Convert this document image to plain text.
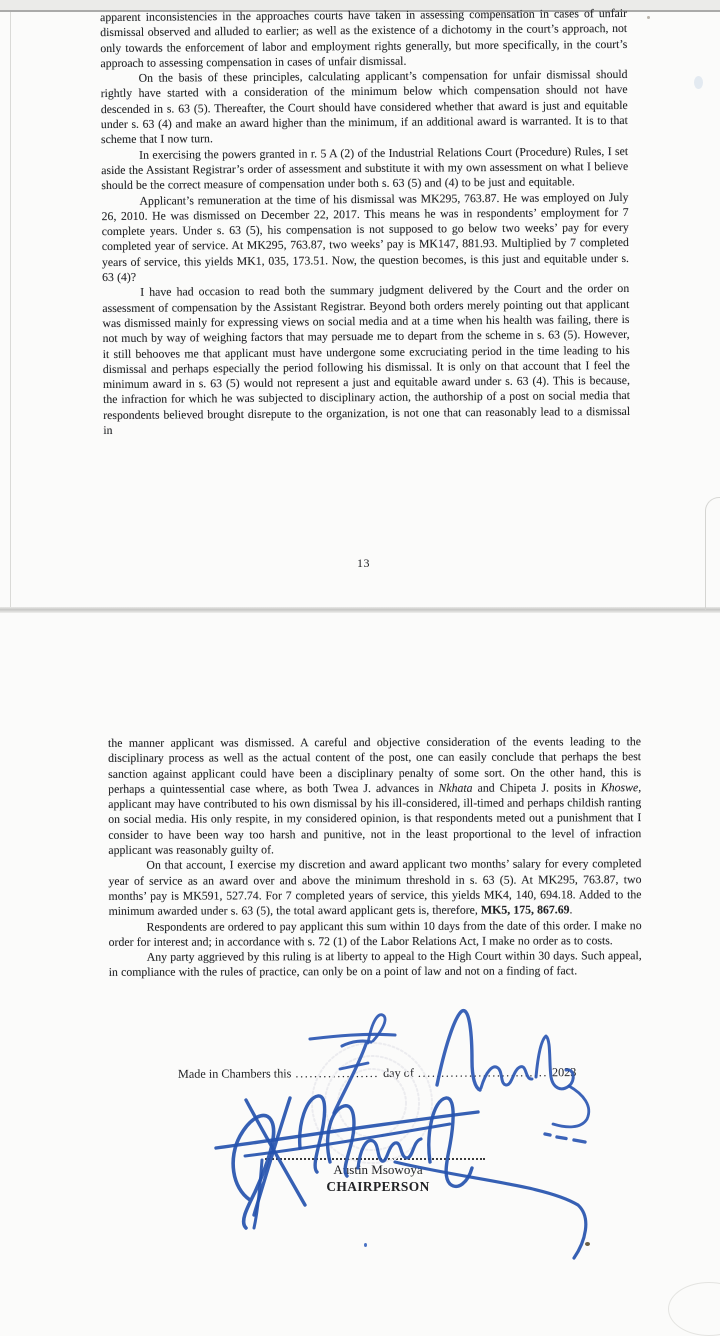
apparent inconsistencies in the approaches courts have taken in assessing compensation in cases of unfair dismissal observed and alluded to earlier; as well as the existence of a dichotomy in the court’s approach, not only towards the enforcement of labor and employment rights generally, but more specifically, in the court’s approach to assessing compensation in cases of unfair dismissal.

On the basis of these principles, calculating applicant’s compensation for unfair dismissal should rightly have started with a consideration of the minimum below which compensation should not have descended in s. 63 (5). Thereafter, the Court should have considered whether that award is just and equitable under s. 63 (4) and make an award higher than the minimum, if an additional award is warranted. It is to that scheme that I now turn.

In exercising the powers granted in r. 5 A (2) of the Industrial Relations Court (Procedure) Rules, I set aside the Assistant Registrar’s order of assessment and substitute it with my own assessment on what I believe should be the correct measure of compensation under both s. 63 (5) and (4) to be just and equitable.

Applicant’s remuneration at the time of his dismissal was MK295, 763.87. He was employed on July 26, 2010. He was dismissed on December 22, 2017. This means he was in respondents’ employment for 7 complete years. Under s. 63 (5), his compensation is not supposed to go below two weeks’ pay for every completed year of service. At MK295, 763.87, two weeks’ pay is MK147, 881.93. Multiplied by 7 completed years of service, this yields MK1, 035, 173.51. Now, the question becomes, is this just and equitable under s. 63 (4)?

I have had occasion to read both the summary judgment delivered by the Court and the order on assessment of compensation by the Assistant Registrar. Beyond both orders merely pointing out that applicant was dismissed mainly for expressing views on social media and at a time when his health was failing, there is not much by way of weighing factors that may persuade me to depart from the scheme in s. 63 (5). However, it still behooves me that applicant must have undergone some excruciating period in the time leading to his dismissal and perhaps especially the period following his dismissal. It is only on that account that I feel the minimum award in s. 63 (5) would not represent a just and equitable award under s. 63 (4). This is because, the infraction for which he was subjected to disciplinary action, the authorship of a post on social media that respondents believed brought disrepute to the organization, is not one that can reasonably lead to a dismissal in

13

the manner applicant was dismissed. A careful and objective consideration of the events leading to the disciplinary process as well as the actual content of the post, one can easily conclude that perhaps the best sanction against applicant could have been a disciplinary penalty of some sort. On the other hand, this is perhaps a quintessential case where, as both Twea J. advances in Nkhata and Chipeta J. posits in Khoswe, applicant may have contributed to his own dismissal by his ill-considered, ill-timed and perhaps childish ranting on social media. His only respite, in my considered opinion, is that respondents meted out a punishment that I consider to have been way too harsh and punitive, not in the least proportional to the level of infraction applicant was reasonably guilty of.

On that account, I exercise my discretion and award applicant two months’ salary for every completed year of service as an award over and above the minimum threshold in s. 63 (5). At MK295, 763.87, two months’ pay is MK591, 527.74. For 7 completed years of service, this yields MK4, 140, 694.18. Added to the minimum awarded under s. 63 (5), the total award applicant gets is, therefore, MK5, 175, 867.69.

Respondents are ordered to pay applicant this sum within 10 days from the date of this order. I make no order for interest and; in accordance with s. 72 (1) of the Labor Relations Act, I make no order as to costs.

Any party aggrieved by this ruling is at liberty to appeal to the High Court within 30 days. Such appeal, in compliance with the rules of practice, can only be on a point of law and not on a finding of fact.

Made in Chambers this .................. day of ............................ 2023
Austin Msowoya
CHAIRPERSON
